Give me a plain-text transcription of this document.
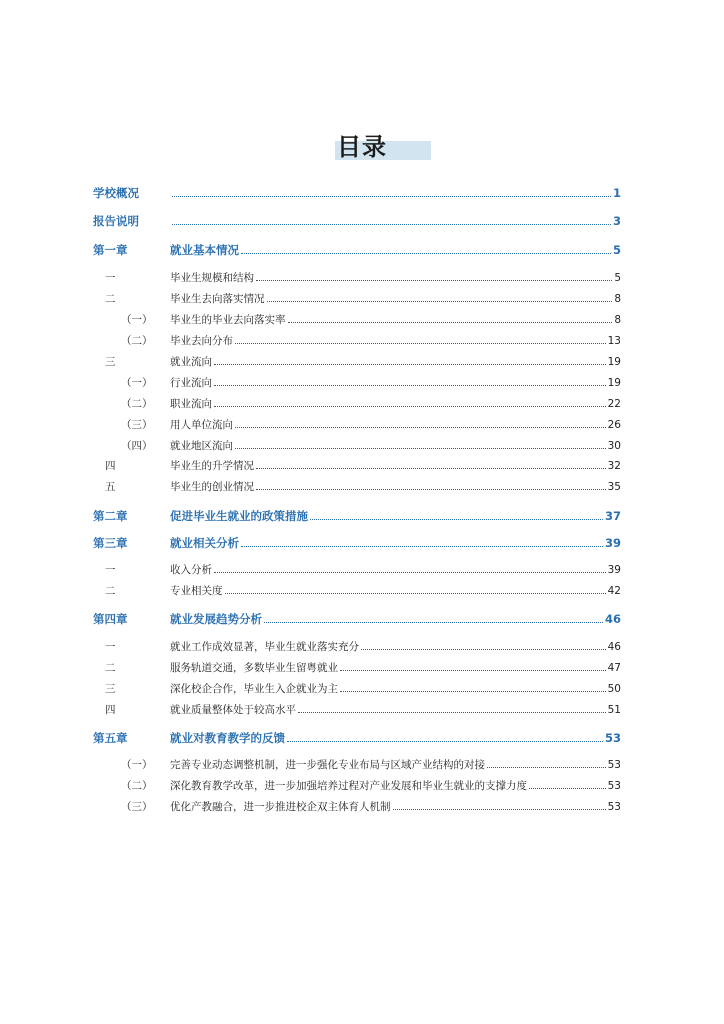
目录
学校概况	1
报告说明	3
第一章	就业基本情况	5
一	毕业生规模和结构	5
二	毕业生去向落实情况	8
（一） 毕业生的毕业去向落实率	8
（二） 毕业去向分布	13
三	就业流向	19
（一） 行业流向	19
（二） 职业流向	22
（三） 用人单位流向	26
（四） 就业地区流向	30
四	毕业生的升学情况	32
五	毕业生的创业情况	35
第二章	促进毕业生就业的政策措施	37
第三章	就业相关分析	39
一	收入分析	39
二	专业相关度	42
第四章	就业发展趋势分析	46
一	就业工作成效显著，毕业生就业落实充分	46
二	服务轨道交通，多数毕业生留粤就业	47
三	深化校企合作，毕业生入企就业为主	50
四	就业质量整体处于较高水平	51
第五章	就业对教育教学的反馈	53
（一） 完善专业动态调整机制，进一步强化专业布局与区域产业结构的对接	53
（二） 深化教育教学改革，进一步加强培养过程对产业发展和毕业生就业的支撑力度	53
（三） 优化产教融合，进一步推进校企双主体育人机制	53
